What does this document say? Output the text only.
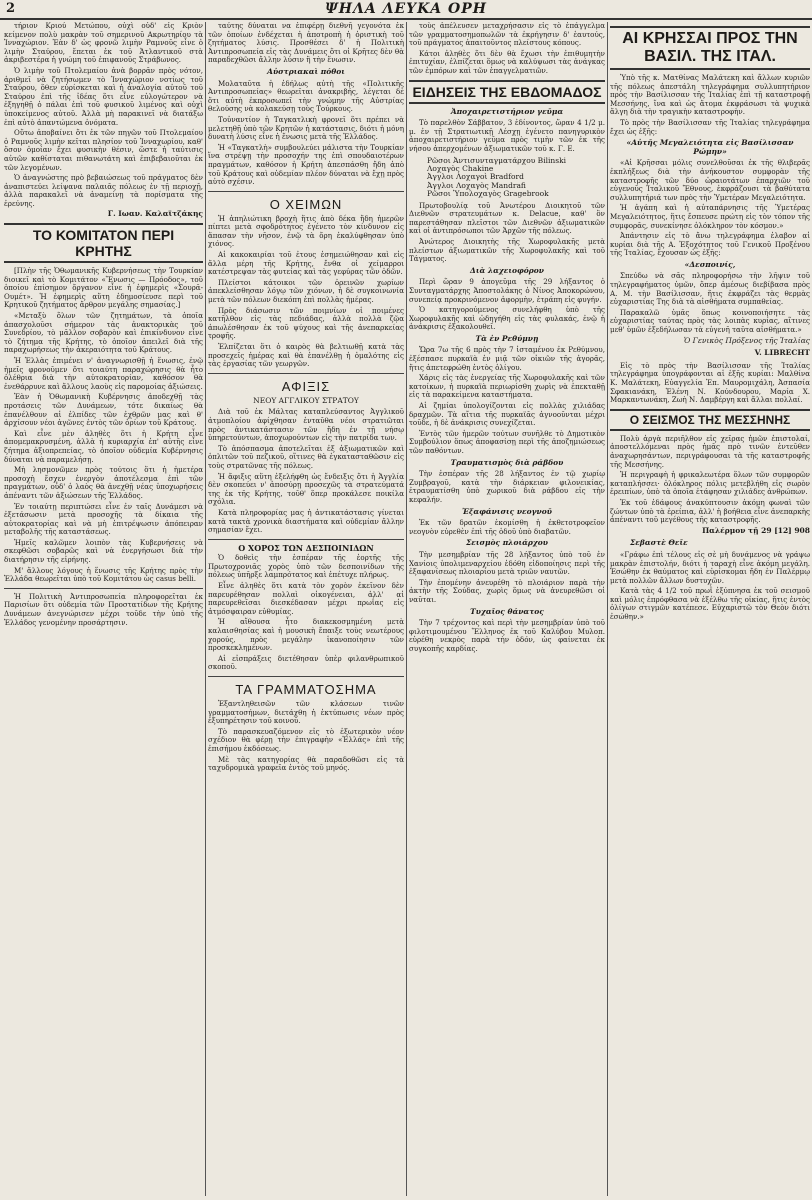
2	ΨΗΛΑ ΛΕΥΚΑ ΟΡΗ

τήριον Κριού Μετώπου, οὐχὶ οὐδ' εἰς Κριὸν κείμενον πολὺ μακρὰν τοῦ σημερινοῦ Ακρωτηρίου τὰ Ἰνναχώριον. Ἐὰν δ' ὡς φρονῶ λιμὴν Ραμνοῦς εἶνε ὁ λιμὴν Σταύρου, ἔπεται ἐκ τοῦ Ἀτλαντικοῦ στὰ ἀκριβεστέρα ἡ γνώμη τοῦ ἐπιφανοῦς Στράβωνος.

Ὁ λιμὴν τοῦ Πτολεμαίου ἀνὰ βορρᾶν πρὸς νότον, ἀριθμεῖ νὰ ζητήσωμεν τὸ Ἰνναχώριον νοτίως τοῦ Σταύρου, ὅθεν εὑρίσκεται καὶ ἡ ἀναλογία αὐτοῦ τοῦ Σταύρου ἐπὶ τῆς ἰδέας ὅτι εἶνε εὐλογώτερον νὰ ἐξηγηθῇ ὁ πάλαι ἐπὶ τοῦ φυσικοῦ λιμένος καὶ οὐχὶ ὑποκείμενος αὐτοῦ. Ἀλλὰ μὴ παρακινεῖ νὰ διατάξω ἐπὶ αὐτὸ ἀπαντώμενα ὀνόματα.

Οὕτω ἀποβαίνει ὅτι ἐκ τῶν πηγῶν τοῦ Πτολεμαίου ὁ Ραμνοῦς λιμὴν κεῖται πλησίον τοῦ Ἰνναχωρίου, καθ' ὅσον ὁμοίαν ἔχει φυσικὴν θέσιν, ὥστε ἡ ταύτισις αὐτῶν καθίσταται πιθανωτάτη καὶ ἐπιβεβαιοῦται ἐκ τῶν λεγομένων.

Ὁ ἀναγνώστης πρὸ βεβαιώσεως τοῦ πράγματος δὲν ἀναπιστεύει λείψανα παλαιᾶς πόλεως ἐν τῇ περιοχῇ, ἀλλὰ παρακαλεῖ νὰ ἀναμείνῃ τὰ πορίσματα τῆς ἐρεύνης.

Γ. Ιωαν. Καλαϊτζάκης
ΤΟ ΚΟΜΙΤΑΤΟΝ ΠΕΡΙ ΚΡΗΤΗΣ

[Πλὴν τῆς Ὀθωμανικῆς Κυβερνήσεως τὴν Τουρκίαν διοικεῖ καὶ τὸ Κομιτάτον «Ἕνωσις — Πρόοδος», τοῦ ὁποίου ἐπίσημον ὄργανον εἶνε ἡ ἐφημερὶς «Σουρᾶ-Ουμέτ». Ἡ ἐφημερὶς αὕτη ἐδημοσίευσε περὶ τοῦ Κρητικοῦ ζητήματος ἄρθρον μεγάλης σημασίας.]

«Μεταξὺ ὅλων τῶν ζητημάτων, τὰ ὁποῖα ἀπασχολοῦσι σήμερον τὰς ἀνακτορικὰς τοῦ Συνεδρίου, τὸ μᾶλλον σοβαρὸν καὶ ἐπικίνδυνον εἶνε τὸ ζήτημα τῆς Κρήτης, τὸ ὁποῖον ἀπειλεῖ διὰ τῆς παραχωρήσεως τὴν ἀκεραιότητα τοῦ Κράτους.

Ἡ Ἑλλὰς ἐπιμένει ν' ἀναγνωρισθῇ ἡ ἕνωσις, ἐνῷ ἡμεῖς φρονοῦμεν ὅτι τοιαύτη παραχώρησις θὰ ἦτο ὀλέθρια διὰ τὴν αὐτοκρατορίαν, καθόσον θὰ ἐνεθάρρυνε καὶ ἄλλους λαοὺς εἰς παρομοίας ἀξιώσεις.

Ἐὰν ἡ Ὀθωμανικὴ Κυβέρνησις ἀποδεχθῇ τὰς προτάσεις τῶν Δυνάμεων, τότε δικαίως θὰ ἐπανέλθουν αἱ ἐλπίδες τῶν ἐχθρῶν μας καὶ θ' ἀρχίσουν νέοι ἀγῶνες ἐντὸς τῶν ὁρίων τοῦ Κράτους.

Καὶ εἶνε μὲν ἀληθὲς ὅτι ἡ Κρήτη εἶνε ἀπομεμακρυσμένη, ἀλλὰ ἡ κυριαρχία ἐπ' αὐτῆς εἶνε ζήτημα ἀξιοπρεπείας, τὸ ὁποῖον οὐδεμία Κυβέρνησις δύναται νὰ παραμελήσῃ.

Μὴ λησμονῶμεν πρὸς τούτοις ὅτι ἡ ἡμετέρα προσοχὴ ἔσχεν ἐνεργὸν ἀποτέλεσμα ἐπὶ τῶν πραγμάτων, οὐδ' ὁ λαὸς θὰ ἀνεχθῇ νέας ὑποχωρήσεις ἀπέναντι τῶν ἀξιώσεων τῆς Ἑλλάδος.

Ἐν τοιαύτῃ περιπτώσει εἶνε ἐν ταῖς Δυνάμεσι νὰ ἐξετάσωσιν μετὰ προσοχῆς τὰ δίκαια τῆς αὐτοκρατορίας καὶ νὰ μὴ ἐπιτρέψωσιν ἀπόπειραν μεταβολῆς τῆς καταστάσεως.

Ἡμεῖς καλῶμεν λοιπὸν τὰς Κυβερνήσεις νὰ σκεφθῶσι σοβαρῶς καὶ νὰ ἐνεργήσωσι διὰ τὴν διατήρησιν τῆς εἰρήνης.

Μ' ἄλλους λόγους ἡ ἕνωσις τῆς Κρήτης πρὸς τὴν Ἑλλάδα θεωρεῖται ὑπὸ τοῦ Κομιτάτου ὡς casus belli.

Ἡ Πολιτικὴ Ἀντιπροσωπεία πληροφορεῖται ἐκ Παρισίων ὅτι οὐδεμία τῶν Προστατίδων τῆς Κρήτης Δυνάμεων ἀνεγνώρισεν μέχρι τοῦδε τὴν ὑπὸ τῆς Ἑλλάδος γενομένην προσάρτησιν.

ταύτης δύναται να ἐπιφέρῃ διεθνῆ γεγονότα ἐκ τῶν ὁποίων ἐνδέχεται ἡ ἀποτροπὴ ἡ ὁριστικὴ τοῦ ζητήματος λύσις. Προσθέσει δ' ἡ Πολιτικὴ Ἀντιπροσωπεία εἰς τὰς Δυνάμεις ὅτι οἱ Κρῆτες δὲν θὰ παραδεχθῶσι ἄλλην λύσιν ἢ τὴν ἕνωσιν.

Αὐστριακαὶ πόθοι

Μολαταῦτα ἡ ἐδήλως αὐτὴ τῆς «Πολιτικῆς Ἀντιπροσωπείας» θεωρεῖται ἀνακριβής, λέγεται δὲ ὅτι αὐτὴ ἐκπροσωπεῖ τὴν γνώμην τῆς Αὐστρίας θελούσης νὰ κολακεύσῃ τοὺς Τούρκους.

Τοὐναντίον ἡ Ταγκατλικὴ φρονεῖ ὅτι πρέπει νὰ μελετηθῇ ὑπὸ τῶν Κρητῶν ἡ κατάστασις, διότι ἡ μόνη δυνατὴ λύσις εἶνε ἡ ἕνωσις μετὰ τῆς Ἑλλάδος.

Ἡ «Ταγκατλὴ» συμβουλεύει μάλιστα τὴν Τουρκίαν ἵνα στρέψῃ τὴν προσοχήν της ἐπὶ σπουδαιοτέρων πραγμάτων, καθόσον ἡ Κρήτη ἀπεσπάσθη ἤδη ἀπὸ τοῦ Κράτους καὶ οὐδεμίαν πλέον δύναται νὰ ἔχῃ πρὸς αὐτὸ σχέσιν.

Ο ΧΕΙΜΩΝ

Ἡ ἀπηλιώτικη βροχὴ ἥτις ἀπὸ δέκα ἤδη ἡμερῶν πίπτει μετὰ σφοδρότητος ἐγένετο τὸν κίνδυνον εἰς ἅπασαν τὴν νῆσον, ἐνῷ τὰ ὄρη ἐκαλύφθησαν ὑπὸ χιόνος.

Αἱ κακοκαιρίαι τοῦ ἐτους ἐσημειώθησαν καὶ εἰς ἄλλα μέρη τῆς Κρήτης, ἔνθα οἱ χείμαρροι κατέστρεψαν τὰς φυτείας καὶ τὰς γεφύρας τῶν ὁδῶν.

Πλείστοι κάτοικοι τῶν ὀρεινῶν χωρίων ἀπεκλείσθησαν λόγῳ τῶν χιόνων, ἡ δὲ συγκοινωνία μετὰ τῶν πόλεων διεκόπη ἐπὶ πολλὰς ἡμέρας.

Πρὸς διάσωσιν τῶν ποιμνίων οἱ ποιμένες κατῆλθον εἰς τὰς πεδιάδας, ἀλλὰ πολλὰ ζῷα ἀπωλέσθησαν ἐκ τοῦ ψύχους καὶ τῆς ἀνεπαρκείας τροφῆς.

Ἐλπίζεται ὅτι ὁ καιρὸς θὰ βελτιωθῇ κατὰ τὰς προσεχεῖς ἡμέρας καὶ θὰ ἐπανέλθῃ ἡ ὁμαλότης εἰς τὰς ἐργασίας τῶν γεωργῶν.

ΑΦΙΞΙΣ
ΝΕΟΥ ΑΓΓΛΙΚΟΥ ΣΤΡΑΤΟΥ

Διὰ τοῦ ἐκ Μάλτας καταπλεύσαντος Ἀγγλικοῦ ἀτμοπλοίου ἀφίχθησαν ἐνταῦθα νέοι στρατιῶται πρὸς ἀντικατάστασιν τῶν ἤδη ἐν τῇ νήσῳ ὑπηρετούντων, ἀποχωρούντων εἰς τὴν πατρίδα των.

Τὸ ἀπόσπασμα ἀποτελεῖται ἐξ ἀξιωματικῶν καὶ ὁπλιτῶν τοῦ πεζικοῦ, οἵτινες θὰ ἐγκατασταθῶσιν εἰς τοὺς στρατῶνας τῆς πόλεως.

Ἡ ἄφιξις αὕτη ἐξελήφθη ὡς ἔνδειξις ὅτι ἡ Ἀγγλία δὲν σκοπεύει ν' ἀποσύρῃ προσεχῶς τὰ στρατεύματά της ἐκ τῆς Κρήτης, τοῦθ' ὅπερ προκάλεσε ποικίλα σχόλια.

Κατὰ πληροφορίας μας ἡ ἀντικατάστασις γίνεται κατὰ τακτὰ χρονικὰ διαστήματα καὶ οὐδεμίαν ἄλλην σημασίαν ἔχει.

Ο ΧΟΡΟΣ ΤΩΝ ΔΕΣΠΟΙΝΙΔΩΝ

Ὁ δοθεὶς τὴν ἑσπέραν τῆς ἑορτῆς τῆς Πρωτοχρονιᾶς χορὸς ὑπὸ τῶν δεσποινίδων τῆς πόλεως ὑπῆρξε λαμπρότατος καὶ ἐπέτυχε πλήρως.

Εἶνε ἀληθὲς ὅτι κατὰ τὸν χορὸν ἐκεῖνον δὲν παρευρέθησαν πολλαὶ οἰκογένειαι, ἀλλ' αἱ παρευρεθεῖσαι διεσκέδασαν μέχρι πρωΐας εἰς ἀτμόσφαιραν εὐθυμίας.

Ἡ αἴθουσα ἦτο διακεκοσμημένη μετὰ καλαισθησίας καὶ ἡ μουσικὴ ἔπαιξε τοὺς νεωτέρους χορούς, πρὸς μεγάλην ἱκανοποίησιν τῶν προσκεκλημένων.

Αἱ εἰσπράξεις διετέθησαν ὑπὲρ φιλανθρωπικοῦ σκοποῦ.

ΤΑ ΓΡΑΜΜΑΤΟΣΗΜΑ

Ἐξαντληθεισῶν τῶν κλάσεων τινῶν γραμματοσήμων, διετάχθη ἡ ἐκτύπωσις νέων πρὸς ἐξυπηρέτησιν τοῦ κοινοῦ.

Τὸ παρασκευαζόμενον εἰς τὸ ἐξωτερικὸν νέον σχέδιον θὰ φέρῃ τὴν ἐπιγραφὴν «Ἑλλάς» ἐπὶ τῆς ἐπισήμου ἐκδόσεως.

Μὲ τὰς κατηγορίας θὰ παραδοθῶσι εἰς τὰ ταχυδρομικὰ γραφεῖα ἐντὸς τοῦ μηνός.

τοὺς ἀπέλευσεν μεταχρήσασιν εἰς τὸ ἐπάγγελμα τῶν γραμματοσημοπωλῶν τὰ ἐκρήγησιν δ' ἑαυτούς, τοῦ πράγματος ἀπαιτοῦντος πλείστους κόπους.

Κάτοι ἀληθὲς ὅτι δὲν θὰ ἔχωσι τὴν ἐπιθυμητὴν ἐπιτυχίαν, ἐλπίζεται ὅμως νὰ καλύψωσι τὰς ἀνάγκας τῶν ἐμπόρων καὶ τῶν ἐπαγγελματιῶν.

ΕΙΔΗΣΕΙΣ ΤΗΣ ΕΒΔΟΜΑΔΟΣ
Ἀποχαιρετιστήριον γεῦμα

Τὸ παρελθὸν Σάββατον, 3 ἐδίνοντος, ὥραν 4 1/2 μ. μ. ἐν τῇ Στρατιωτικῇ Λέσχῃ ἐγένετο πανηγυρικὸν ἀποχαιρετιστήριον γεῦμα πρὸς τιμὴν τῶν ἐκ τῆς νήσου ἀπερχομένων ἀξιωματικῶν τοῦ κ. Γ. Ε.

Ρῶσοι Ἀντισυνταγματάρχου Bilinski
Λοχαγὸς Chakine
Ἀγγλοι Λοχαγοὶ Bradford
Ἀγγλοι Λοχαγὸς Mandrafi
Ρῶσοι Ὑπολοχαγὸς Gragebrook

Πρωτοβουλίᾳ τοῦ Ἀνωτέρου Διοικητοῦ τῶν Διεθνῶν στρατευμάτων κ. Delacue, καθ' ὃν παρεστάθησαν πλεῖστοι τῶν Διεθνῶν ἀξιωματικῶν καὶ οἱ ἀντιπρόσωποι τῶν Ἀρχῶν τῆς πόλεως.

Ἀνώτερος Διοικητὴς τῆς Χωροφυλακῆς μετὰ πλείστων ἀξιωματικῶν τῆς Χωροφυλακῆς καὶ τοῦ Τάγματος.

Διὰ λαχειοφόρον

Περὶ ὥραν 9 ἀπογεῦμα τῆς 29 λήξαντος ὁ Συνταγματάρχης Ἀποστολάκης ὁ Νίνος Ἀποκορώνου, συνεπείᾳ προκρινόμενον ἀφορμὴν, ἐτράπη εἰς φυγήν.

Ὁ κατηγορούμενος συνελήφθη ὑπὸ τῆς Χωροφυλακῆς καὶ ὡδηγήθη εἰς τὰς φυλακάς, ἐνῷ ἡ ἀνάκρισις ἐξακολουθεῖ.

Τὰ ἐν Ρεθύμνῃ

Ὥρα 7ω τῆς 6 πρὸς τὴν 7 ἰσταμένου ἐκ Ρεθύμνου, ἐξέσπασε πυρκαϊὰ ἐν μιᾷ τῶν οἰκιῶν τῆς ἀγορᾶς, ἥτις ἀπετεφρώθη ἐντὸς ὀλίγου.

Χάρις εἰς τὰς ἐνεργείας τῆς Χωροφυλακῆς καὶ τῶν κατοίκων, ἡ πυρκαϊὰ περιωρίσθη χωρὶς νὰ ἐπεκταθῇ εἰς τὰ παρακείμενα καταστήματα.

Αἱ ζημίαι ὑπολογίζονται εἰς πολλὰς χιλιάδας δραχμῶν. Τὰ αἴτια τῆς πυρκαϊᾶς ἀγνοοῦνται μέχρι τοῦδε, ἡ δὲ ἀνάκρισις συνεχίζεται.

Ἐντὸς τῶν ἡμερῶν τούτων συνῆλθε τὸ Δημοτικὸν Συμβούλιον ὅπως ἀποφασίσῃ περὶ τῆς ἀποζημιώσεως τῶν παθόντων.

Τραυματισμὸς διὰ ράβδου

Τὴν ἑσπέραν τῆς 28 λήξαντος ἐν τῷ χωρίῳ Ζυμβραγοῦ, κατὰ τὴν διάρκειαν φιλονεικίας, ἐτραυματίσθη ὑπὸ χωρικοῦ διὰ ράβδου εἰς τὴν κεφαλήν.

Ἐξαφάνισις νεογνοῦ

Ἐκ τῶν δρατῶν ἐκομίσθη ἡ ἐκθετοτροφεῖον νεογνὸν εὑρεθὲν ἐπὶ τῆς ὁδοῦ ὑπὸ διαβατῶν.

Σεισμὸς πλοιάρχου

Τὴν μεσημβρίαν τῆς 28 λήξαντος ὑπὸ τοῦ ἐν Χανίοις ὑπολιμεναρχείου ἐδόθη εἰδοποίησις περὶ τῆς ἐξαφανίσεως πλοιαρίου μετὰ τριῶν ναυτῶν.

Τὴν ἐπομένην ἀνευρέθη τὸ πλοιάριον παρὰ τὴν ἀκτὴν τῆς Σούδας, χωρὶς ὅμως νὰ ἀνευρεθῶσι οἱ ναῦται.

Τυχαῖος θάνατος

Τὴν 7 τρέχοντος καὶ περὶ τὴν μεσημβρίαν ὑπὸ τοῦ φιλοτιμουμένου Ἕλληνος ἐκ τοῦ Καλύβου Μυλοπ. εὑρέθη νεκρὸς παρὰ τὴν ὁδόν, ὡς φαίνεται ἐκ συγκοπῆς καρδίας.

ΑΙ ΚΡΗΣΣΑΙ ΠΡΟΣ ΤΗΝ ΒΑΣΙΛ. ΤΗΣ ΙΤΑΛ.

Ὑπὸ τῆς κ. Ματθίνας Μαλάτεκη καὶ ἄλλων κυριῶν τῆς πόλεως ἀπεστάλη τηλεγράφημα συλλυπητήριον πρὸς τὴν Βασίλισσαν τῆς Ἰταλίας ἐπὶ τῇ καταστροφῇ Μεσσήνης, ἵνα καὶ ὡς ἄτομα ἐκφράσωσι τὰ ψυχικὰ ἄλγη διὰ τὴν τραγικὴν καταστροφὴν.

Τὸ πρὸς τὴν Βασίλισσαν τῆς Ἰταλίας τηλεγράφημα ἔχει ὡς ἑξῆς:

«Αὐτῆς Μεγαλειότητα εἰς Βασίλισσαν Ρώμην»

«Αἱ Κρῆσσαι μόλις συνελθοῦσαι ἐκ τῆς θλιβερᾶς ἐκπλήξεως διὰ τὴν ἀνήκουστον συμφορὰν τῆς καταστροφῆς τῶν δύο ὡραιοτάτων ἐπαρχιῶν τοῦ εὐγενοῦς Ἰταλικοῦ Ἔθνους, ἐκφράζουσι τὰ βαθύτατα συλλυπητήριά των πρὸς τὴν Ὑμετέραν Μεγαλειότητα.

Ἡ ἀγάπη καὶ ἡ αὐταπάρνησις τῆς Ὑμετέρας Μεγαλειότητος, ἥτις ἔσπευσε πρώτη εἰς τὸν τόπον τῆς συμφορᾶς, συνεκίνησε ὁλόκληρον τὸν κόσμον.»

Ἀπάντησιν εἰς τὸ ἄνω τηλεγράφημα ἐλαβον αἱ κυρίαι διὰ τῆς Α. Ἐξοχότητος τοῦ Γενικοῦ Προξένου τῆς Ἰταλίας, ἔχουσαν ὡς ἑξῆς:

«Δεσποινίς,

Σπεύδω νὰ σᾶς πληροφορήσω τὴν λῆψιν τοῦ τηλεγραφήματος ὑμῶν, ὅπερ ἀμέσως διεβίβασα πρὸς Α. Μ. τὴν Βασίλισσαν, ἥτις ἐκφράζει τὰς θερμὰς εὐχαριστίας Της διὰ τὰ αἰσθήματα συμπαθείας.

Παρακαλῶ ὑμᾶς ὅπως κοινοποιήσητε τὰς εὐχαριστίας ταύτας πρὸς τὰς λοιπὰς κυρίας, αἵτινες μεθ' ὑμῶν ἐξεδήλωσαν τὰ εὐγενῆ ταῦτα αἰσθήματα.»

Ὁ Γενικὸς Πρόξενος τῆς Ἰταλίας
V. LIBRECHT

Εἰς τὸ πρὸς τὴν Βασίλισσαν τῆς Ἰταλίας τηλεγράφημα ὑπογράφονται αἱ ἑξῆς κυρίαι: Μαλθίνα Κ. Μαλάτεκη, Εὐαγγελία Ἐπ. Μαυρομιχάλη, Ἀσπασία Σφακιανάκη, Ἑλένη Ν. Κούνδουρου, Μαρία Χ. Μαρκαντωνάκη, Ζωὴ Ν. Δαμβέργη καὶ ἄλλαι πολλαί.

Ο ΣΕΙΣΜΟΣ ΤΗΣ ΜΕΣΣΗΝΗΣ

Πολὺ ἀργὰ περιῆλθον εἰς χεῖρας ἡμῶν ἐπιστολαί, ἀποστελλόμεναι πρὸς ἡμᾶς πρὸ τινῶν ἐντεῦθεν ἀναχωρησάντων, περιγράφουσαι τὰ τῆς καταστροφῆς τῆς Μεσσήνης.

Ἡ περιγραφὴ ἡ φρικαλεωτέρα ὅλων τῶν συμφορῶν καταπλήσσει· ὁλόκληρος πόλις μετεβλήθη εἰς σωρὸν ἐρειπίων, ὑπὸ τὰ ὁποῖα ἐτάφησαν χιλιάδες ἀνθρώπων.

Ἐκ τοῦ ἐδάφους ἀνακύπτουσιν ἀκόμη φωναὶ τῶν ζώντων ὑπὸ τὰ ἐρείπια, ἀλλ' ἡ βοήθεια εἶνε ἀνεπαρκὴς ἀπέναντι τοῦ μεγέθους τῆς καταστροφῆς.

Παλέρμον τῇ 29 [12] 908
Σεβαστὲ Θεῖε

«Γράφω ἐπὶ τέλους εἰς σὲ μὴ δυνάμενος νὰ γράψω μακρὰν ἐπιστολήν, διότι ἡ ταραχὴ εἶνε ἀκόμη μεγάλη. Ἐσώθην ἐκ θαύματος καὶ εὑρίσκομαι ἤδη ἐν Παλέρμῳ μετὰ πολλῶν ἄλλων δυστυχῶν.

Κατὰ τὰς 4 1/2 τοῦ πρωῒ ἐξύπνησα ἐκ τοῦ σεισμοῦ καὶ μόλις ἐπρόφθασα νὰ ἐξέλθω τῆς οἰκίας, ἥτις ἐντὸς ὀλίγων στιγμῶν κατέπεσε. Εὐχαριστῶ τὸν Θεὸν διότι ἐσώθην.»
